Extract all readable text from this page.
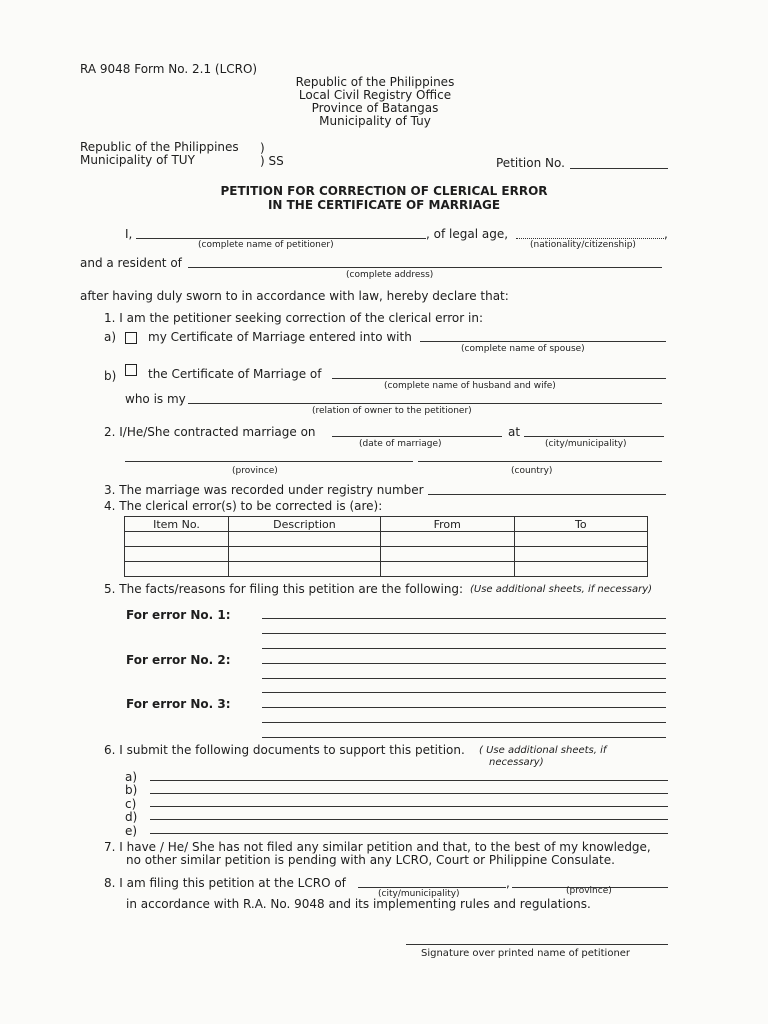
RA 9048 Form No. 2.1 (LCRO)
Republic of the Philippines
Local Civil Registry Office
Province of Batangas
Municipality of Tuy
Republic of the Philippines
Municipality of TUY
)
) SS	Petition No.
PETITION FOR CORRECTION OF CLERICAL ERROR
IN THE CERTIFICATE OF MARRIAGE
I,	, of legal age,	,
(complete name of petitioner)	(nationality/citizenship)
and a resident of
(complete address)
after having duly sworn to in accordance with law, hereby declare that:
1. I am the petitioner seeking correction of the clerical error in:
a)	my Certificate of Marriage entered into with
(complete name of spouse)
b)	the Certificate of Marriage of
(complete name of husband and wife)
who is my
(relation of owner to the petitioner)
2. I/He/She contracted marriage on	at
(date of marriage)	(city/municipality)
(province)	(country)
3. The marriage was recorded under registry number
4. The clerical error(s) to be corrected is (are):
Item No.	Description	From	To

5. The facts/reasons for filing this petition are the following: (Use additional sheets, if necessary)
For error No. 1:
For error No. 2:
For error No. 3:
6. I submit the following documents to support this petition. ( Use additional sheets, if
necessary)
a)
b)
c)
d)
e)
7. I have / He/ She has not filed any similar petition and that, to the best of my knowledge,
no other similar petition is pending with any LCRO, Court or Philippine Consulate.
8. I am filing this petition at the LCRO of	,
(city/municipality)	(province)
in accordance with R.A. No. 9048 and its implementing rules and regulations.
Signature over printed name of petitioner
